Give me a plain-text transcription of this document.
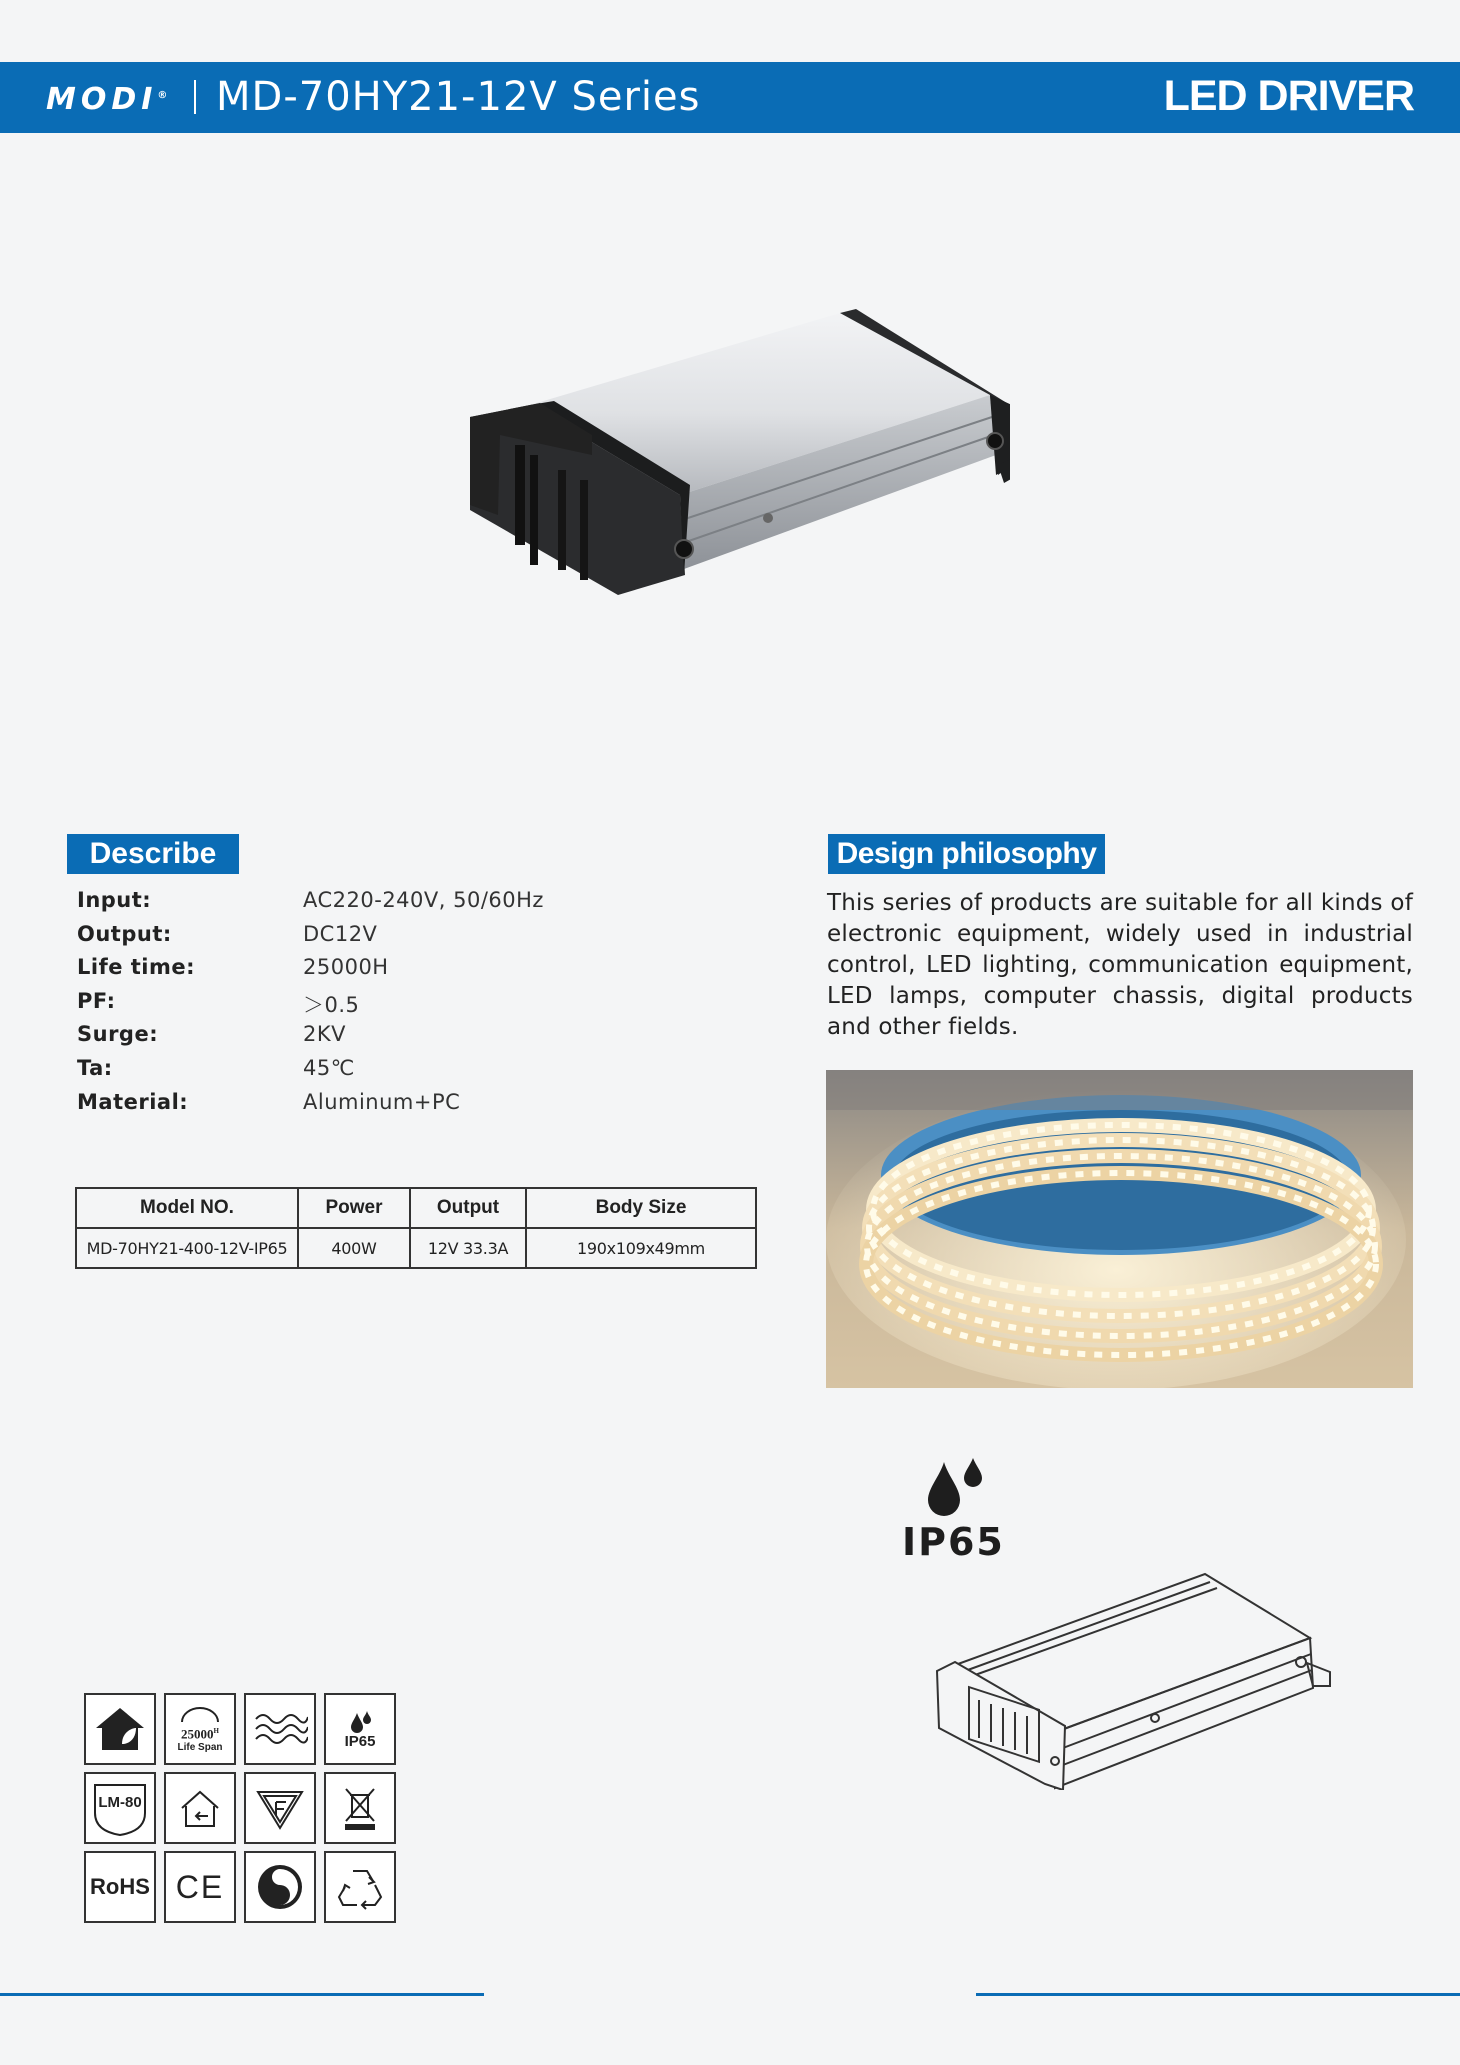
MODI® MD-70HY21-12V Series	LED DRIVER
Describe
Input:	AC220-240V, 50/60Hz
Output:	DC12V
Life time:	25000H
PF:	＞0.5
Surge:	2KV
Ta:	45℃
Material:	Aluminum+PC
Model NO.	Power	Output	Body Size
MD-70HY21-400-12V-IP65	400W	12V 33.3A	190x109x49mm
Design philosophy
This series of products are suitable for all kinds of electronic equipment, widely used in industrial control, LED lighting, communication equipment, LED lamps, computer chassis, digital products and other fields.
IP65
$25000^H$
Life Span	IP65
LM-80
RoHS CE
